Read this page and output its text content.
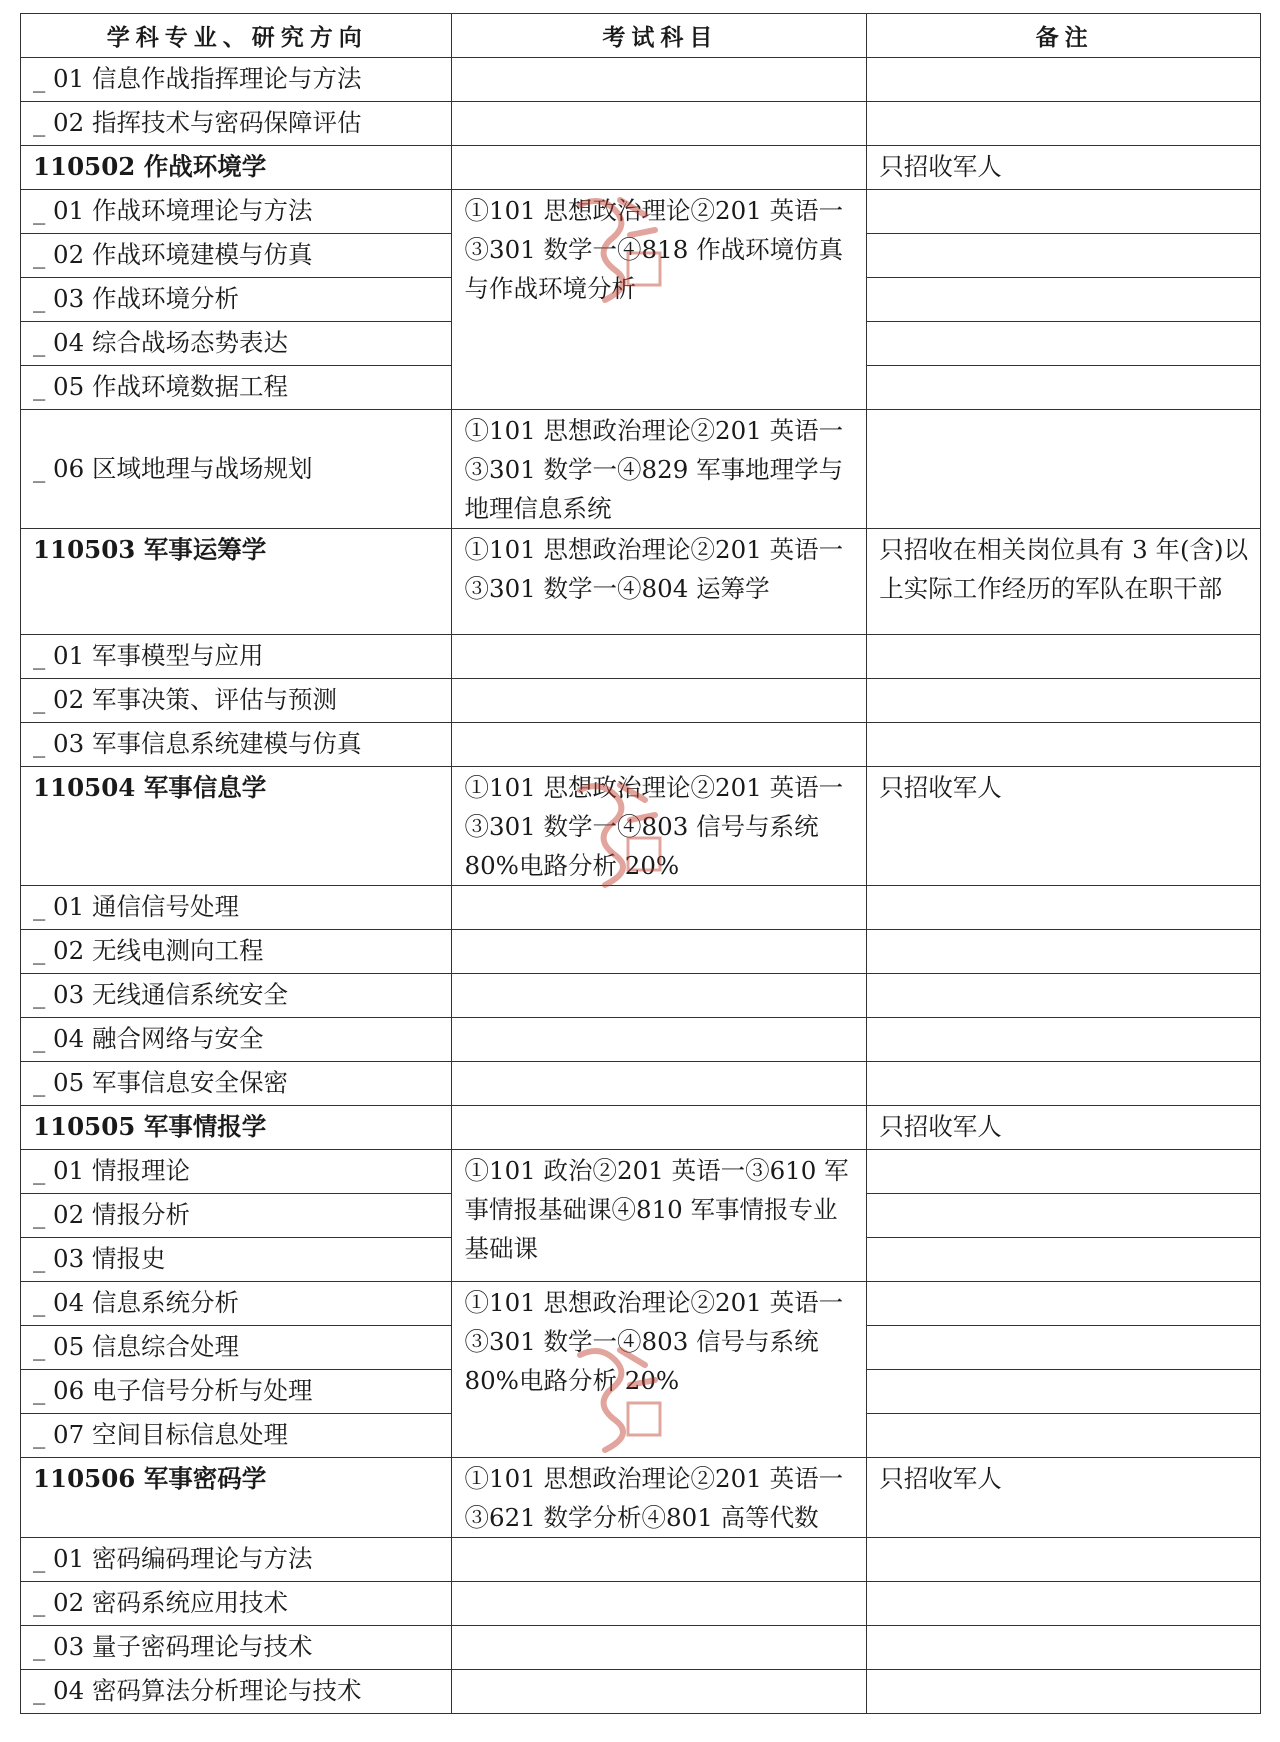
学科专业、研究方向	考试科目	备注
_ 01 信息作战指挥理论与方法		
_ 02 指挥技术与密码保障评估		
110502 作战环境学		只招收军人
_ 01 作战环境理论与方法	①101 思想政治理论②201 英语一③301 数学一④818 作战环境仿真与作战环境分析	
_ 02 作战环境建模与仿真		
_ 03 作战环境分析		
_ 04 综合战场态势表达		
_ 05 作战环境数据工程		
_ 06 区域地理与战场规划	①101 思想政治理论②201 英语一③301 数学一④829 军事地理学与地理信息系统	
110503 军事运筹学	①101 思想政治理论②201 英语一③301 数学一④804 运筹学	只招收在相关岗位具有 3 年(含)以上实际工作经历的军队在职干部
_ 01 军事模型与应用		
_ 02 军事决策、评估与预测		
_ 03 军事信息系统建模与仿真		
110504 军事信息学	①101 思想政治理论②201 英语一③301 数学一④803 信号与系统 80%电路分析 20%	只招收军人
_ 01 通信信号处理		
_ 02 无线电测向工程		
_ 03 无线通信系统安全		
_ 04 融合网络与安全		
_ 05 军事信息安全保密		
110505 军事情报学		只招收军人
_ 01 情报理论	①101 政治②201 英语一③610 军事情报基础课④810 军事情报专业基础课	
_ 02 情报分析		
_ 03 情报史		
_ 04 信息系统分析	①101 思想政治理论②201 英语一③301 数学一④803 信号与系统 80%电路分析 20%	
_ 05 信息综合处理		
_ 06 电子信号分析与处理		
_ 07 空间目标信息处理		
110506 军事密码学	①101 思想政治理论②201 英语一③621 数学分析④801 高等代数	只招收军人
_ 01 密码编码理论与方法		
_ 02 密码系统应用技术		
_ 03 量子密码理论与技术		
_ 04 密码算法分析理论与技术		
